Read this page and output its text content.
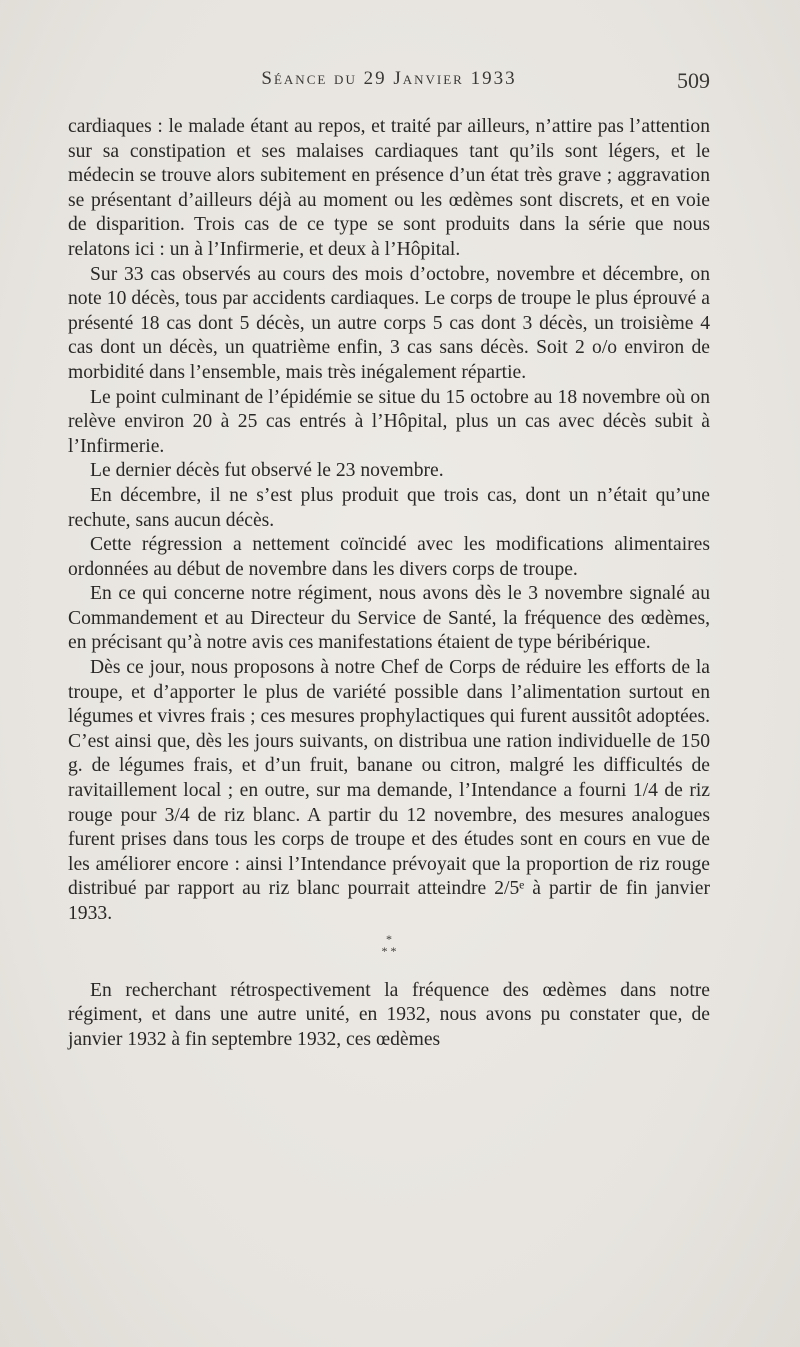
Séance du 29 Janvier 1933	509

cardiaques : le malade étant au repos, et traité par ailleurs, n’attire pas l’attention sur sa constipation et ses malaises cardiaques tant qu’ils sont légers, et le médecin se trouve alors subitement en présence d’un état très grave ; aggravation se présentant d’ailleurs déjà au moment ou les œdèmes sont discrets, et en voie de disparition. Trois cas de ce type se sont produits dans la série que nous relatons ici : un à l’Infirmerie, et deux à l’Hôpital.

Sur 33 cas observés au cours des mois d’octobre, novembre et décembre, on note 10 décès, tous par accidents cardiaques. Le corps de troupe le plus éprouvé a présenté 18 cas dont 5 décès, un autre corps 5 cas dont 3 décès, un troisième 4 cas dont un décès, un quatrième enfin, 3 cas sans décès. Soit 2 o/o environ de morbidité dans l’ensemble, mais très inégalement répartie.

Le point culminant de l’épidémie se situe du 15 octobre au 18 novembre où on relève environ 20 à 25 cas entrés à l’Hôpital, plus un cas avec décès subit à l’Infirmerie.

Le dernier décès fut observé le 23 novembre.

En décembre, il ne s’est plus produit que trois cas, dont un n’était qu’une rechute, sans aucun décès.

Cette régression a nettement coïncidé avec les modifications alimentaires ordonnées au début de novembre dans les divers corps de troupe.

En ce qui concerne notre régiment, nous avons dès le 3 novembre signalé au Commandement et au Directeur du Service de Santé, la fréquence des œdèmes, en précisant qu’à notre avis ces manifestations étaient de type béribérique.

Dès ce jour, nous proposons à notre Chef de Corps de réduire les efforts de la troupe, et d’apporter le plus de variété possible dans l’alimentation surtout en légumes et vivres frais ; ces mesures prophylactiques qui furent aussitôt adoptées. C’est ainsi que, dès les jours suivants, on distribua une ration individuelle de 150 g. de légumes frais, et d’un fruit, banane ou citron, malgré les difficultés de ravitaillement local ; en outre, sur ma demande, l’Intendance a fourni 1/4 de riz rouge pour 3/4 de riz blanc. A partir du 12 novembre, des mesures analogues furent prises dans tous les corps de troupe et des études sont en cours en vue de les améliorer encore : ainsi l’Intendance prévoyait que la proportion de riz rouge distribué par rapport au riz blanc pourrait atteindre 2/5ᵉ à partir de fin janvier 1933.

*
* *

En recherchant rétrospectivement la fréquence des œdèmes dans notre régiment, et dans une autre unité, en 1932, nous avons pu constater que, de janvier 1932 à fin septembre 1932, ces œdèmes
